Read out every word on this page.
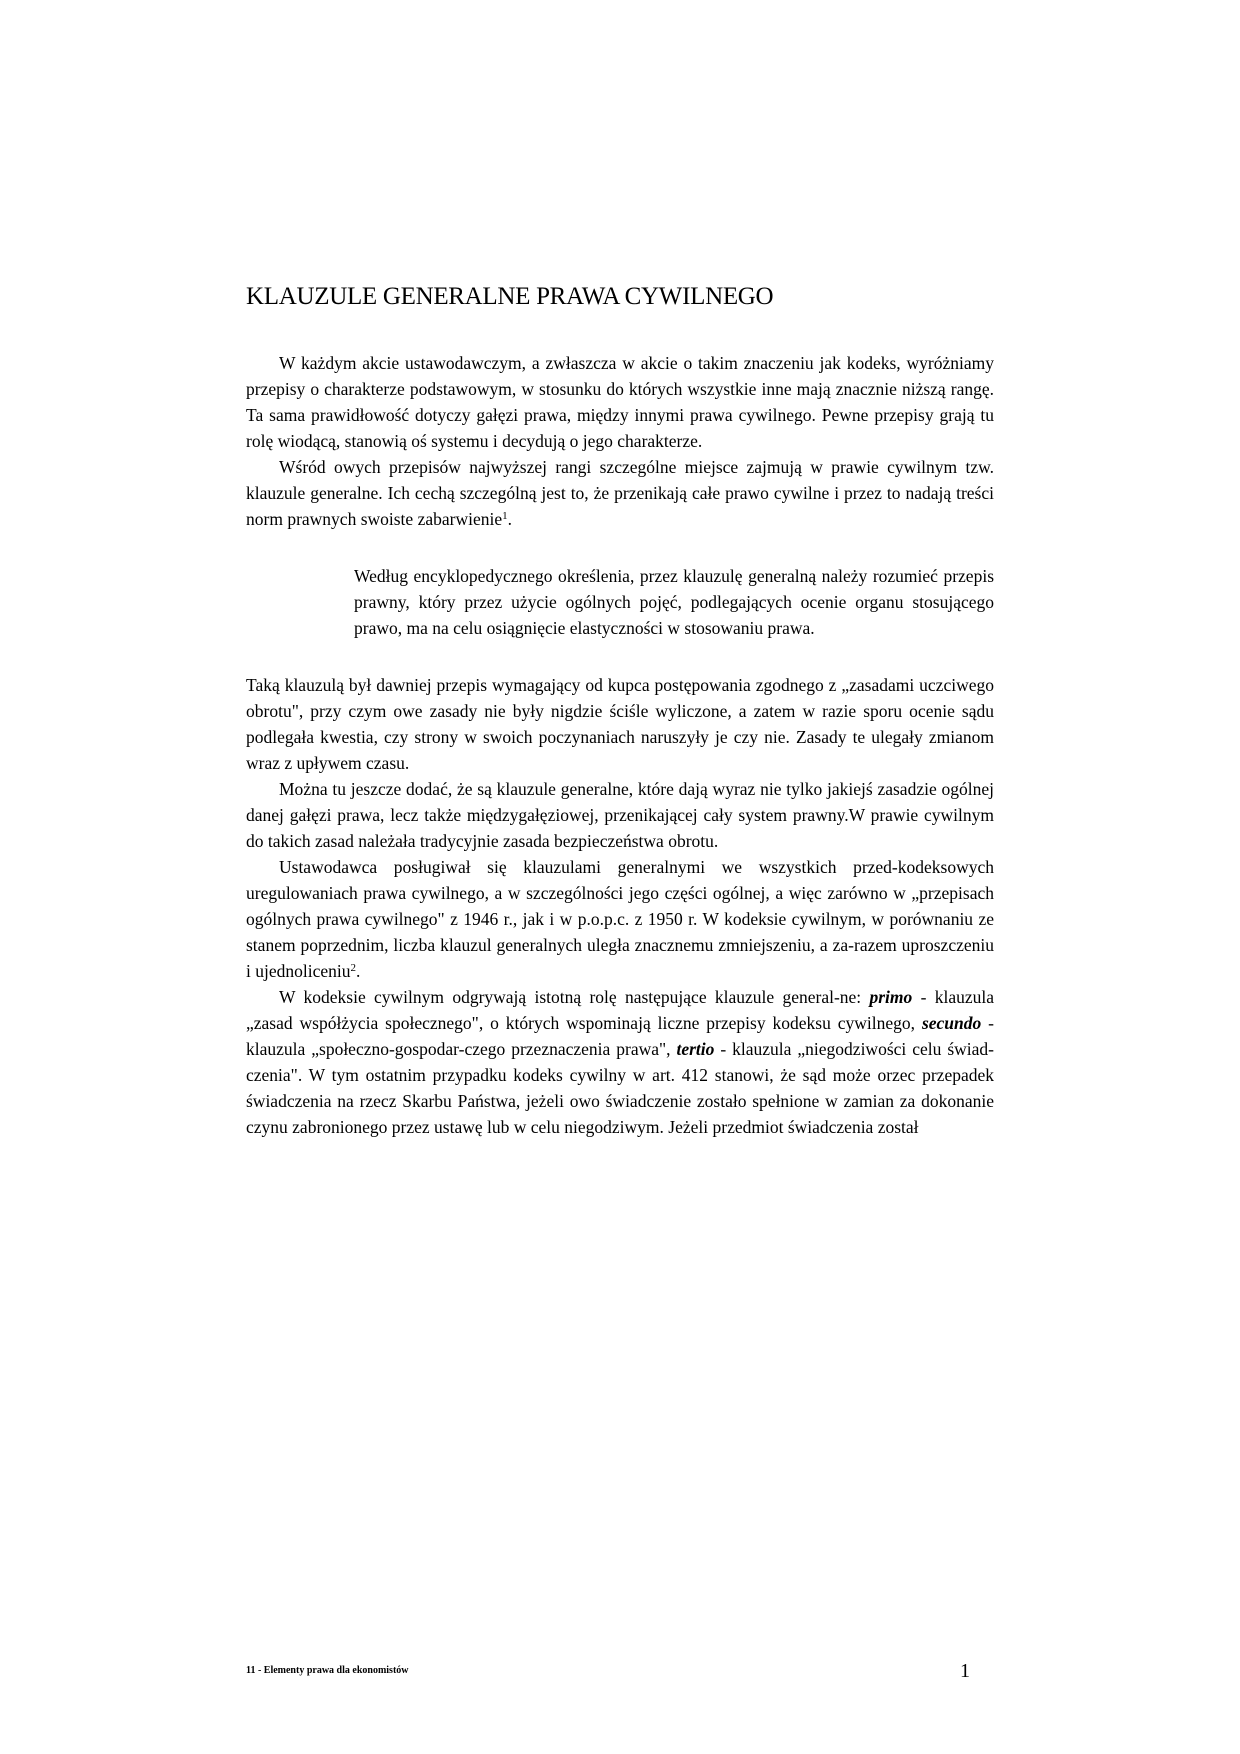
KLAUZULE GENERALNE PRAWA CYWILNEGO

W każdym akcie ustawodawczym, a zwłaszcza w akcie o takim znaczeniu jak kodeks, wyróżniamy przepisy o charakterze podstawowym, w stosunku do których wszystkie inne mają znacznie niższą rangę. Ta sama prawidłowość dotyczy gałęzi prawa, między innymi prawa cywilnego. Pewne przepisy grają tu rolę wiodącą, stanowią oś systemu i decydują o jego charakterze.

Wśród owych przepisów najwyższej rangi szczególne miejsce zajmują w prawie cywilnym tzw. klauzule generalne. Ich cechą szczególną jest to, że przenikają całe prawo cywilne i przez to nadają treści norm prawnych swoiste zabarwienie$^1$.

Według encyklopedycznego określenia, przez klauzulę generalną należy rozumieć przepis prawny, który przez użycie ogólnych pojęć, podlegających ocenie organu stosującego prawo, ma na celu osiągnięcie elastyczności w stosowaniu prawa.

Taką klauzulą był dawniej przepis wymagający od kupca postępowania zgodnego z „zasadami uczciwego obrotu", przy czym owe zasady nie były nigdzie ściśle wyliczone, a zatem w razie sporu ocenie sądu podlegała kwestia, czy strony w swoich poczynaniach naruszyły je czy nie. Zasady te ulegały zmianom wraz z upływem czasu.

Można tu jeszcze dodać, że są klauzule generalne, które dają wyraz nie tylko jakiejś zasadzie ogólnej danej gałęzi prawa, lecz także międzygałęziowej, przenikającej cały system prawny.W prawie cywilnym do takich zasad należała tradycyjnie zasada bezpieczeństwa obrotu.

Ustawodawca posługiwał się klauzulami generalnymi we wszystkich przed-kodeksowych uregulowaniach prawa cywilnego, a w szczególności jego części ogólnej, a więc zarówno w „przepisach ogólnych prawa cywilnego" z 1946 r., jak i w p.o.p.c. z 1950 r. W kodeksie cywilnym, w porównaniu ze stanem poprzednim, liczba klauzul generalnych uległa znacznemu zmniejszeniu, a za-razem uproszczeniu i ujednoliceniu$^2$.

W kodeksie cywilnym odgrywają istotną rolę następujące klauzule general-ne: primo - klauzula „zasad współżycia społecznego", o których wspominają liczne przepisy kodeksu cywilnego, secundo - klauzula „społeczno-gospodar-czego przeznaczenia prawa", tertio - klauzula „niegodziwości celu świad-czenia". W tym ostatnim przypadku kodeks cywilny w art. 412 stanowi, że sąd może orzec przepadek świadczenia na rzecz Skarbu Państwa, jeżeli owo świadczenie zostało spełnione w zamian za dokonanie czynu zabronionego przez ustawę lub w celu niegodziwym. Jeżeli przedmiot świadczenia został

11 - Elementy prawa dla ekonomistów	1
